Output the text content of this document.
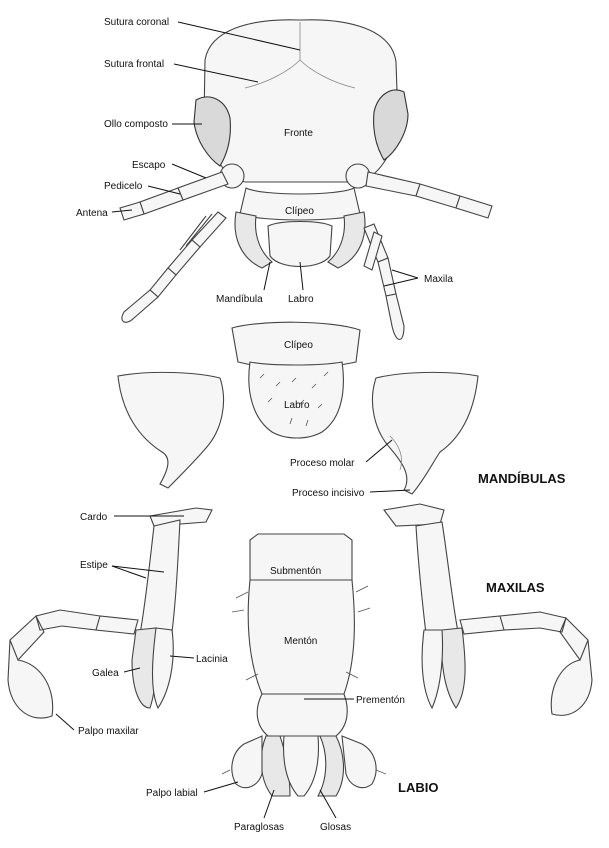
Sutura coronal
Sutura frontal
Ollo composto
Fronte
Escapo
Pedicelo
Antena	Clípeo
Maxila
Mandíbula	Labro
Clípeo
Labro
Proceso molar
Proceso incisivo
Cardo
Estipe
Submentón
Mentón
Galea
Lacinia
Prementón
Palpo maxilar
Palpo labial
Paraglosas	Glosas
MANDÍBULAS
MAXILAS
LABIO
